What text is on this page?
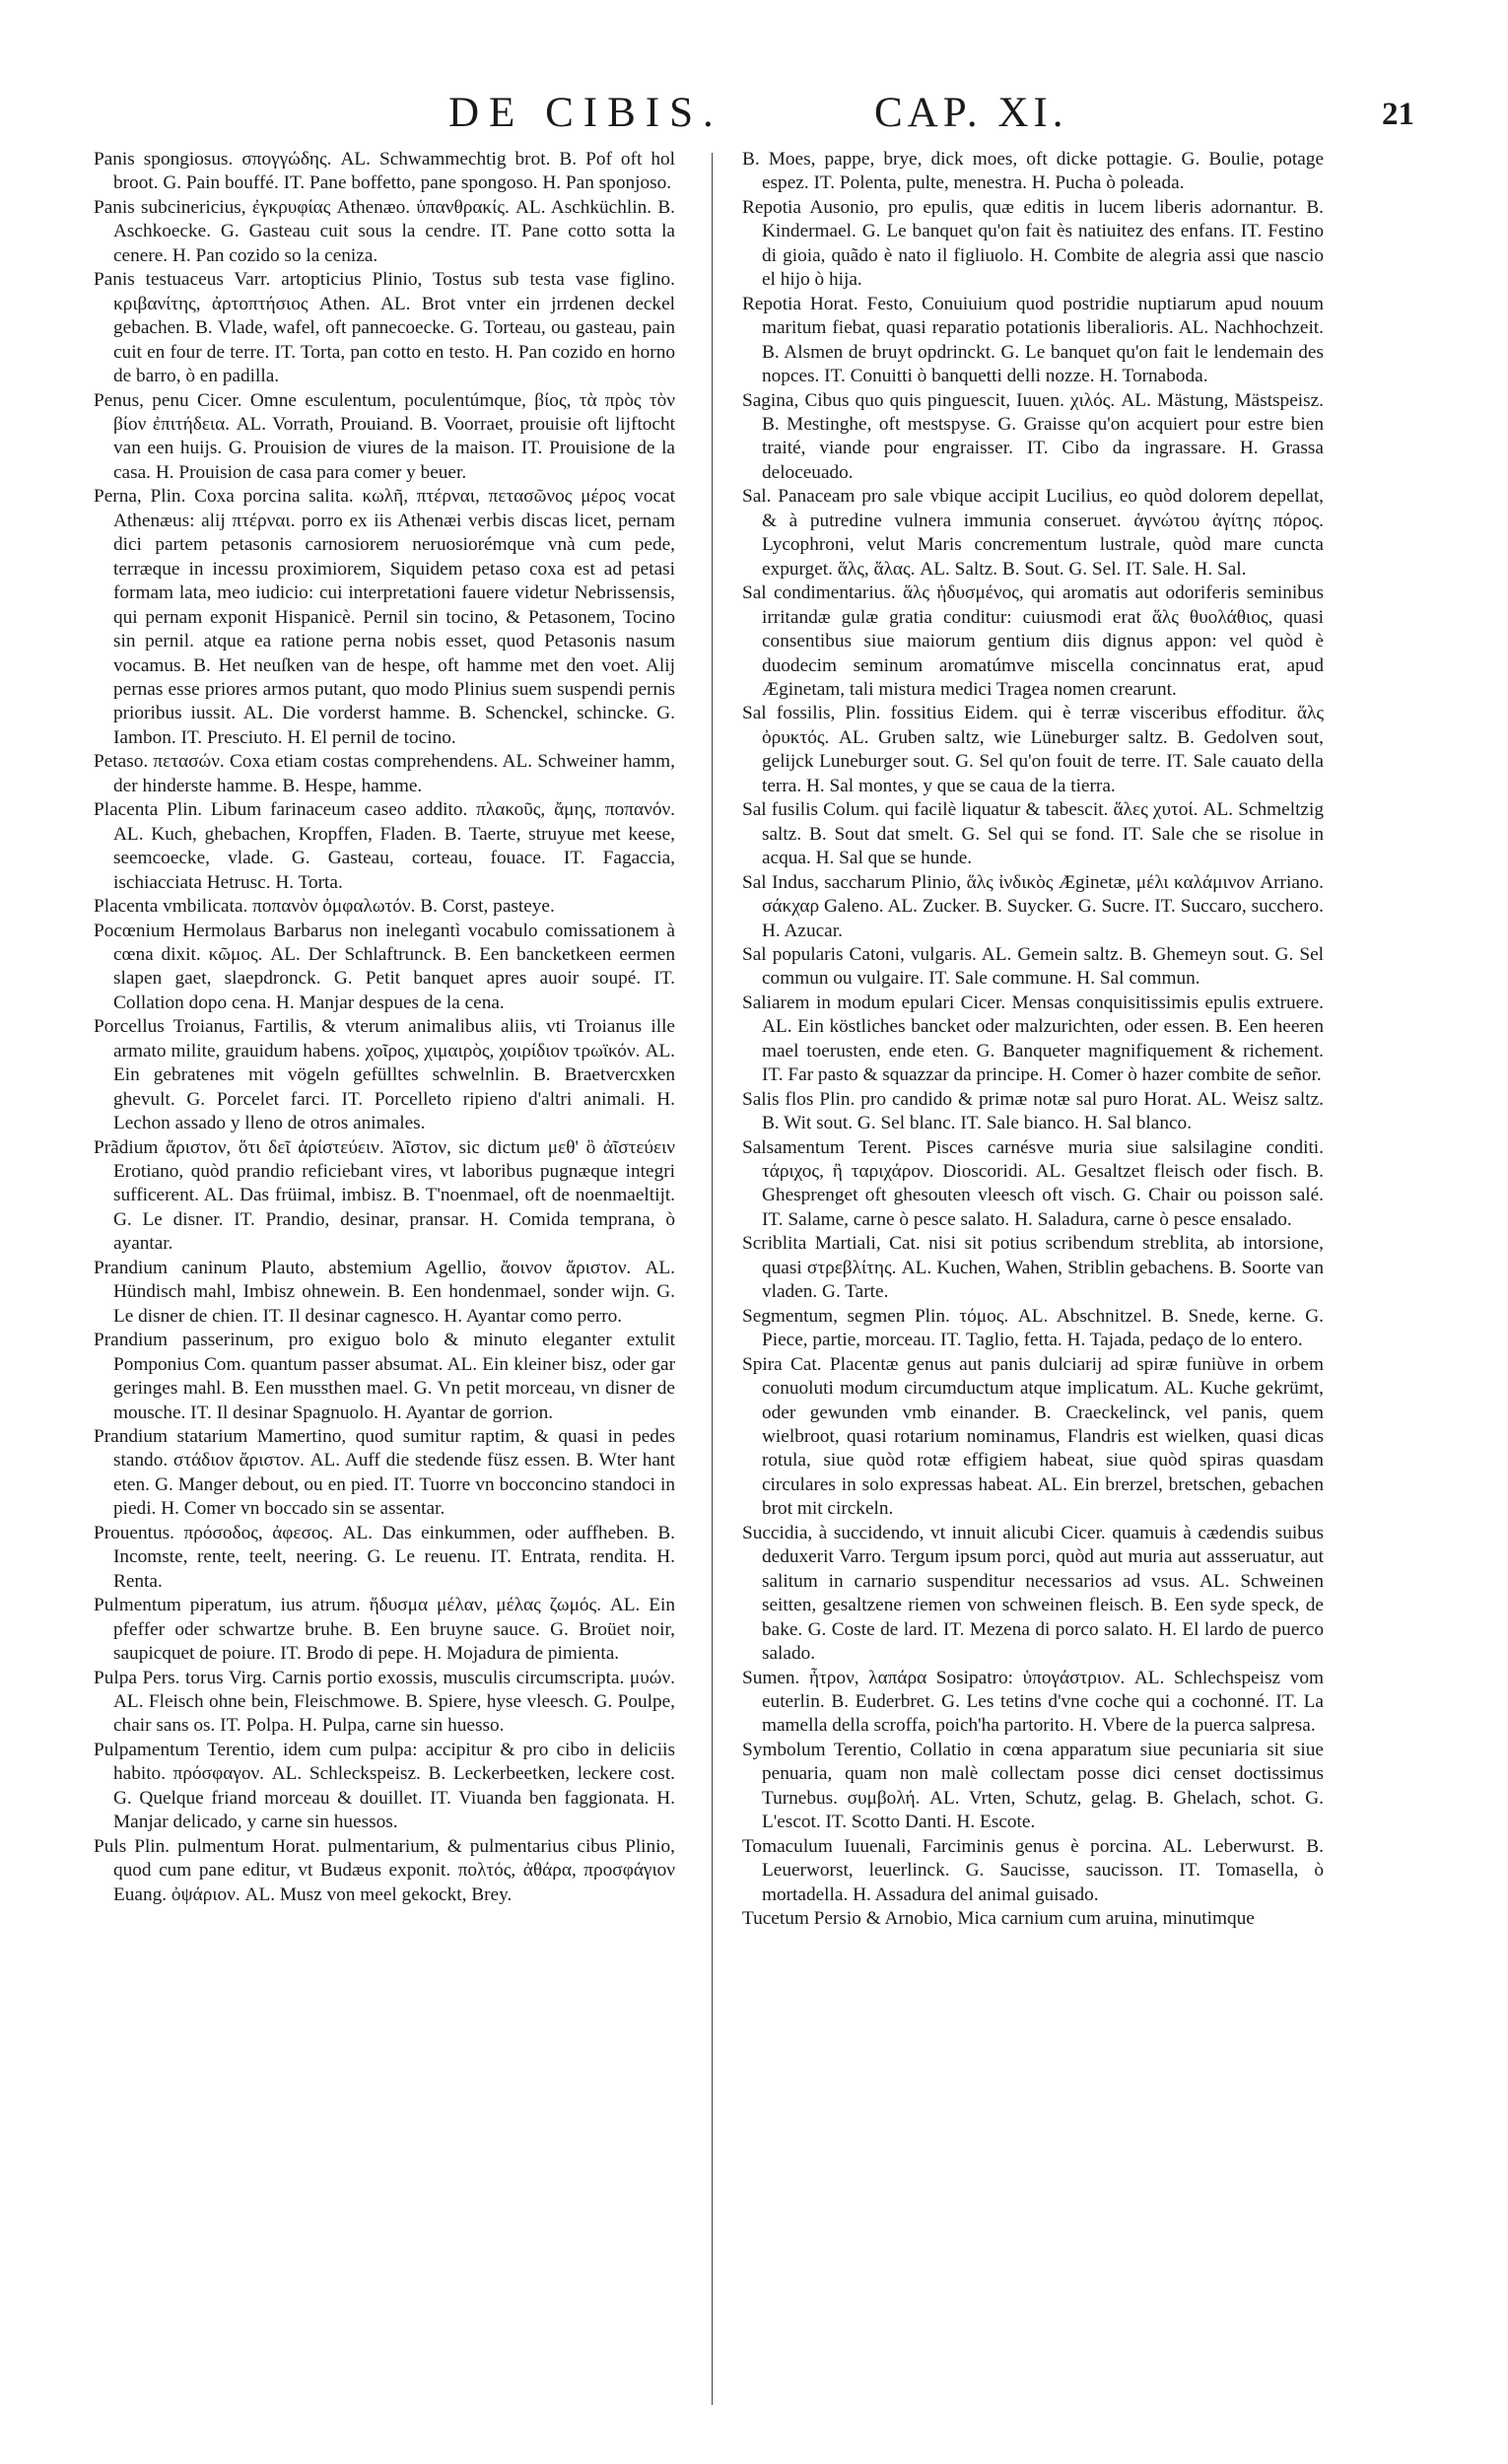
DE CIBIS.	CAP. XI.	21

Panis spongiosus. σπογγώδης. AL. Schwammechtig brot. B. Pof oft hol broot. G. Pain bouffé. IT. Pane boffetto, pane spongoso. H. Pan sponjoso.

Panis subcinericius, ἐγκρυφίας Athenæo. ὑπανθρακίς. AL. Aschküchlin. B. Aschkoecke. G. Gasteau cuit sous la cendre. IT. Pane cotto sotta la cenere. H. Pan cozido so la ceniza.

Panis testuaceus Varr. artopticius Plinio, Tostus sub testa vase figlino. κριβανίτης, ἀρτοπτήσιος Athen. AL. Brot vnter ein jrrdenen deckel gebachen. B. Vlade, wafel, oft pannecoecke. G. Torteau, ou gasteau, pain cuit en four de terre. IT. Torta, pan cotto en testo. H. Pan cozido en horno de barro, ò en padilla.

Penus, penu Cicer. Omne esculentum, poculentúmque, βίος, τὰ πρὸς τὸν βίον ἐπιτήδεια. AL. Vorrath, Prouiand. B. Voorraet, prouisie oft lijftocht van een huijs. G. Prouision de viures de la maison. IT. Prouisione de la casa. H. Prouision de casa para comer y beuer.

Perna, Plin. Coxa porcina salita. κωλῆ, πτέρναι, πετασῶνος μέρος vocat Athenæus: alij πτέρναι. porro ex iis Athenæi verbis discas licet, pernam dici partem petasonis carnosiorem neruosiorémque vnà cum pede, terræque in incessu proximiorem, Siquidem petaso coxa est ad petasi formam lata, meo iudicio: cui interpretationi fauere videtur Nebrissensis, qui pernam exponit Hispanicè. Pernil sin tocino, & Petasonem, Tocino sin pernil. atque ea ratione perna nobis esset, quod Petasonis nasum vocamus. B. Het neuſken van de hespe, oft hamme met den voet. Alij pernas esse priores armos putant, quo modo Plinius suem suspendi pernis prioribus iussit. AL. Die vorderst hamme. B. Schenckel, schincke. G. Iambon. IT. Presciuto. H. El pernil de tocino.

Petaso. πετασών. Coxa etiam costas comprehendens. AL. Schweiner hamm, der hinderste hamme. B. Hespe, hamme.

Placenta Plin. Libum farinaceum caseo addito. πλακοῦς, ἄμης, ποπανόν. AL. Kuch, ghebachen, Kropffen, Fladen. B. Taerte, struyue met keese, seemcoecke, vlade. G. Gasteau, corteau, fouace. IT. Fagaccia, ischiacciata Hetrusc. H. Torta.

Placenta vmbilicata. ποπανὸν ὀμφαλωτόν. B. Corst, pasteye.

Pocœnium Hermolaus Barbarus non inelegantì vocabulo comissationem à cœna dixit. κῶμος. AL. Der Schlaftrunck. B. Een bancketkeen eermen slapen gaet, slaepdronck. G. Petit banquet apres auoir soupé. IT. Collation dopo cena. H. Manjar despues de la cena.

Porcellus Troianus, Fartilis, & vterum animalibus aliis, vti Troianus ille armato milite, grauidum habens. χοῖρος, χιμαιρὸς, χοιρίδιον τρωϊκόν. AL. Ein gebratenes mit vögeln gefülltes schwelnlin. B. Braetvercxken ghevult. G. Porcelet farci. IT. Porcelleto ripieno d'altri animali. H. Lechon assado y lleno de otros animales.

Prãdium ἄριστον, ὅτι δεῖ ἀρίστεύειν. Ἀῖστον, sic dictum μεθ' ὃ ἀῖστεύειν Erotiano, quòd prandio reficiebant vires, vt laboribus pugnæque integri sufficerent. AL. Das früimal, imbisz. B. T'noenmael, oft de noenmaeltijt. G. Le disner. IT. Prandio, desinar, pransar. H. Comida temprana, ò ayantar.

Prandium caninum Plauto, abstemium Agellio, ἄοινον ἄριστον. AL. Hündisch mahl, Imbisz ohnewein. B. Een hondenmael, sonder wijn. G. Le disner de chien. IT. Il desinar cagnesco. H. Ayantar como perro.

Prandium passerinum, pro exiguo bolo & minuto eleganter extulit Pomponius Com. quantum passer absumat. AL. Ein kleiner bisz, oder gar geringes mahl. B. Een mussthen mael. G. Vn petit morceau, vn disner de mousche. IT. Il desinar Spagnuolo. H. Ayantar de gorrion.

Prandium statarium Mamertino, quod sumitur raptim, & quasi in pedes stando. στάδιον ἄριστον. AL. Auff die stedende füsz essen. B. Wter hant eten. G. Manger debout, ou en pied. IT. Tuorre vn bocconcino standoci in piedi. H. Comer vn boccado sin se assentar.

Prouentus. πρόσοδος, ἀφεσος. AL. Das einkummen, oder auffheben. B. Incomste, rente, teelt, neering. G. Le reuenu. IT. Entrata, rendita. H. Renta.

Pulmentum piperatum, ius atrum. ἥδυσμα μέλαν, μέλας ζωμός. AL. Ein pfeffer oder schwartze bruhe. B. Een bruyne sauce. G. Broüet noir, saupicquet de poiure. IT. Brodo di pepe. H. Mojadura de pimienta.

Pulpa Pers. torus Virg. Carnis portio exossis, musculis circumscripta. μυών. AL. Fleisch ohne bein, Fleischmowe. B. Spiere, hyse vleesch. G. Poulpe, chair sans os. IT. Polpa. H. Pulpa, carne sin huesso.

Pulpamentum Terentio, idem cum pulpa: accipitur & pro cibo in deliciis habito. πρόσφαγον. AL. Schleckspeisz. B. Leckerbeetken, leckere cost. G. Quelque friand morceau & douillet. IT. Viuanda ben faggionata. H. Manjar delicado, y carne sin huessos.

Puls Plin. pulmentum Horat. pulmentarium, & pulmentarius cibus Plinio, quod cum pane editur, vt Budæus exponit. πολτός, ἀθάρα, προσφάγιον Euang. ὀψάριον. AL. Musz von meel gekockt, Brey.

B. Moes, pappe, brye, dick moes, oft dicke pottagie. G. Boulie, potage espez. IT. Polenta, pulte, menestra. H. Pucha ò poleada.

Repotia Ausonio, pro epulis, quæ editis in lucem liberis adornantur. B. Kindermael. G. Le banquet qu'on fait ès natiuitez des enfans. IT. Festino di gioia, quãdo è nato il figliuolo. H. Combite de alegria assi que nascio el hijo ò hija.

Repotia Horat. Festo, Conuiuium quod postridie nuptiarum apud nouum maritum fiebat, quasi reparatio potationis liberalioris. AL. Nachhochzeit. B. Alsmen de bruyt opdrinckt. G. Le banquet qu'on fait le lendemain des nopces. IT. Conuitti ò banquetti delli nozze. H. Tornaboda.

Sagina, Cibus quo quis pinguescit, Iuuen. χιλός. AL. Mästung, Mästspeisz. B. Mestinghe, oft mestspyse. G. Graisse qu'on acquiert pour estre bien traité, viande pour engraisser. IT. Cibo da ingrassare. H. Grassa deloceuado.

Sal. Panaceam pro sale vbique accipit Lucilius, eo quòd dolorem depellat, & à putredine vulnera immunia conseruet. ἁγνώτου ἁγίτης πόρος. Lycophroni, velut Maris concrementum lustrale, quòd mare cuncta expurget. ἅλς, ἅλας. AL. Saltz. B. Sout. G. Sel. IT. Sale. H. Sal.

Sal condimentarius. ἅλς ἡδυσμένος, qui aromatis aut odoriferis seminibus irritandæ gulæ gratia conditur: cuiusmodi erat ἅλς θυολάθιος, quasi consentibus siue maiorum gentium diis dignus appon: vel quòd è duodecim seminum aromatúmve miscella concinnatus erat, apud Æginetam, tali mistura medici Tragea nomen crearunt.

Sal fossilis, Plin. fossitius Eidem. qui è terræ visceribus effoditur. ἅλς ὀρυκτός. AL. Gruben saltz, wie Lüneburger saltz. B. Gedolven sout, gelijck Luneburger sout. G. Sel qu'on fouit de terre. IT. Sale cauato della terra. H. Sal montes, y que se caua de la tierra.

Sal fusilis Colum. qui facilè liquatur & tabescit. ἅλες χυτοί. AL. Schmeltzig saltz. B. Sout dat smelt. G. Sel qui se fond. IT. Sale che se risolue in acqua. H. Sal que se hunde.

Sal Indus, saccharum Plinio, ἅλς ἰνδικὸς Æginetæ, μέλι καλάμινον Arriano. σάκχαρ Galeno. AL. Zucker. B. Suycker. G. Sucre. IT. Succaro, succhero. H. Azucar.

Sal popularis Catoni, vulgaris. AL. Gemein saltz. B. Ghemeyn sout. G. Sel commun ou vulgaire. IT. Sale commune. H. Sal commun.

Saliarem in modum epulari Cicer. Mensas conquisitissimis epulis extruere. AL. Ein köstliches bancket oder malzurichten, oder essen. B. Een heeren mael toerusten, ende eten. G. Banqueter magnifiquement & richement. IT. Far pasto & squazzar da principe. H. Comer ò hazer combite de señor.

Salis flos Plin. pro candido & primæ notæ sal puro Horat. AL. Weisz saltz. B. Wit sout. G. Sel blanc. IT. Sale bianco. H. Sal blanco.

Salsamentum Terent. Pisces carnésve muria siue salsilagine conditi. τάριχος, ἢ ταριχάρον. Dioscoridi. AL. Gesaltzet fleisch oder fisch. B. Ghesprenget oft ghesouten vleesch oft visch. G. Chair ou poisson salé. IT. Salame, carne ò pesce salato. H. Saladura, carne ò pesce ensalado.

Scriblita Martiali, Cat. nisi sit potius scribendum streblita, ab intorsione, quasi στρεβλίτης. AL. Kuchen, Wahen, Striblin gebachens. B. Soorte van vladen. G. Tarte.

Segmentum, segmen Plin. τόμος. AL. Abschnitzel. B. Snede, kerne. G. Piece, partie, morceau. IT. Taglio, fetta. H. Tajada, pedaço de lo entero.

Spira Cat. Placentæ genus aut panis dulciarij ad spiræ funiùve in orbem conuoluti modum circumductum atque implicatum. AL. Kuche gekrümt, oder gewunden vmb einander. B. Craeckelinck, vel panis, quem wielbroot, quasi rotarium nominamus, Flandris est wielken, quasi dicas rotula, siue quòd rotæ effigiem habeat, siue quòd spiras quasdam circulares in solo expressas habeat. AL. Ein brerzel, bretschen, gebachen brot mit circkeln.

Succidia, à succidendo, vt innuit alicubi Cicer. quamuis à cædendis suibus deduxerit Varro. Tergum ipsum porci, quòd aut muria aut assseruatur, aut salitum in carnario suspenditur necessarios ad vsus. AL. Schweinen seitten, gesaltzene riemen von schweinen fleisch. B. Een syde speck, de bake. G. Coste de lard. IT. Mezena di porco salato. H. El lardo de puerco salado.

Sumen. ἦτρον, λαπάρα Sosipatro: ὑπογάστριον. AL. Schlechspeisz vom euterlin. B. Euderbret. G. Les tetins d'vne coche qui a cochonné. IT. La mamella della scroffa, poich'ha partorito. H. Vbere de la puerca salpresa.

Symbolum Terentio, Collatio in cœna apparatum siue pecuniaria sit siue penuaria, quam non malè collectam posse dici censet doctissimus Turnebus. συμβολή. AL. Vrten, Schutz, gelag. B. Ghelach, schot. G. L'escot. IT. Scotto Danti. H. Escote.

Tomaculum Iuuenali, Farciminis genus è porcina. AL. Leberwurst. B. Leuerworst, leuerlinck. G. Saucisse, saucisson. IT. Tomasella, ò mortadella. H. Assadura del animal guisado.

Tucetum Persio & Arnobio, Mica carnium cum aruina, minutimque
